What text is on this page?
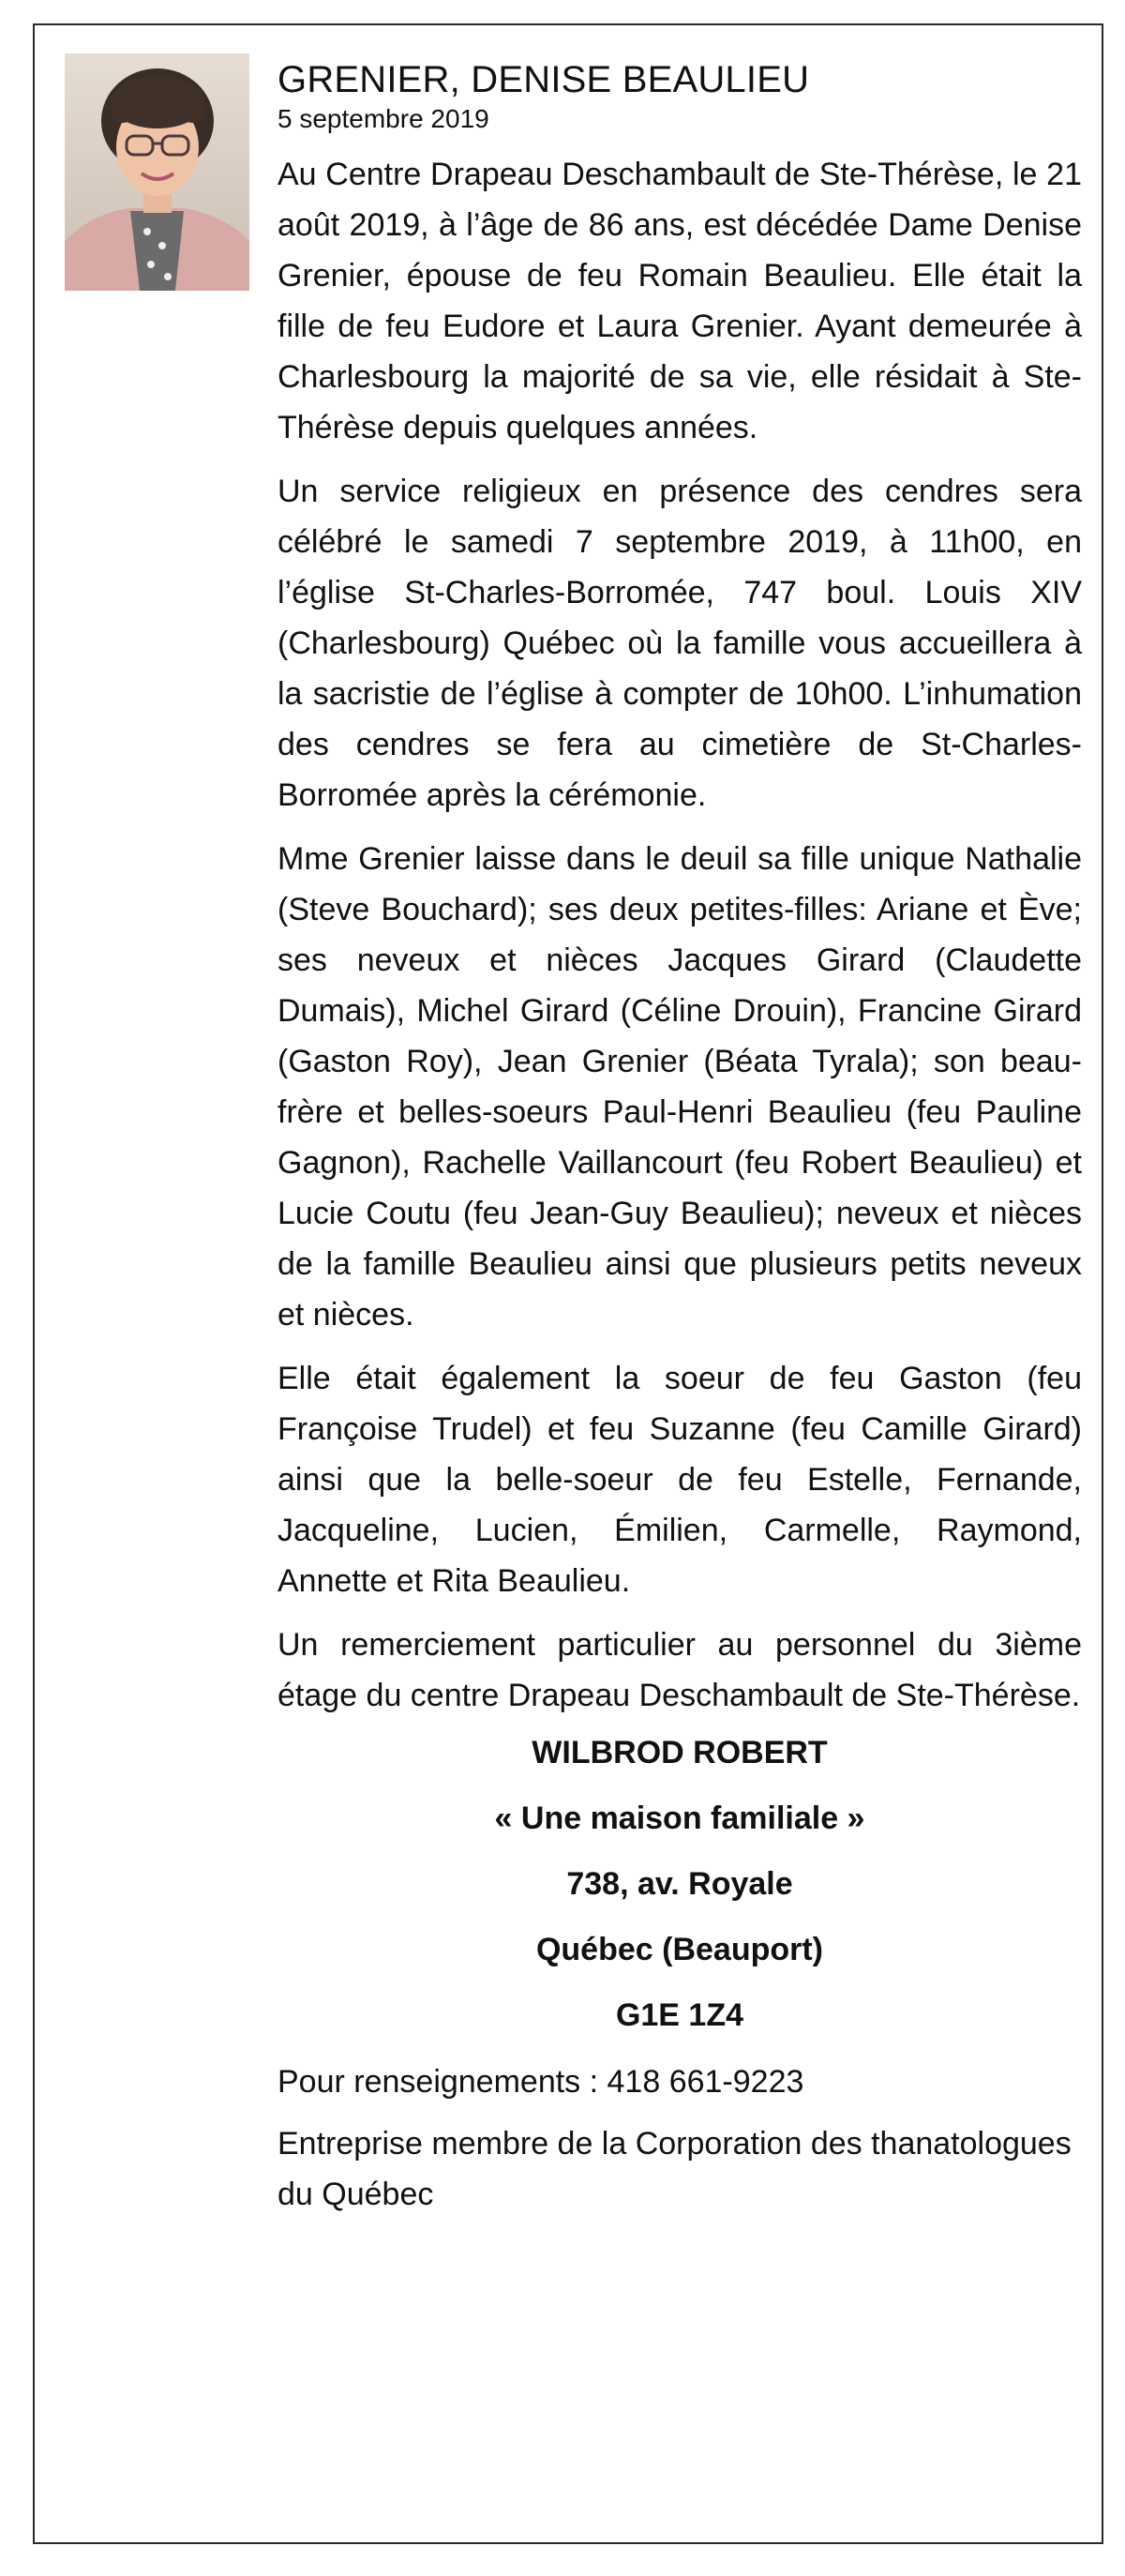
GRENIER, DENISE BEAULIEU

5 septembre 2019

Au Centre Drapeau Deschambault de Ste-Thérèse, le 21 août 2019, à l’âge de 86 ans, est décédée Dame Denise Grenier, épouse de feu Romain Beaulieu. Elle était la fille de feu Eudore et Laura Grenier. Ayant demeurée à Charlesbourg la majorité de sa vie, elle résidait à Ste-Thérèse depuis quelques années.

Un service religieux en présence des cendres sera célébré le samedi 7 septembre 2019, à 11h00, en l’église St-Charles-Borromée, 747 boul. Louis XIV (Charlesbourg) Québec où la famille vous accueillera à la sacristie de l’église à compter de 10h00. L’inhumation des cendres se fera au cimetière de St-Charles-Borromée après la cérémonie.

Mme Grenier laisse dans le deuil sa fille unique Nathalie (Steve Bouchard); ses deux petites-filles: Ariane et Ève; ses neveux et nièces Jacques Girard (Claudette Dumais), Michel Girard (Céline Drouin), Francine Girard (Gaston Roy), Jean Grenier (Béata Tyrala); son beau-frère et belles-soeurs Paul-Henri Beaulieu (feu Pauline Gagnon), Rachelle Vaillancourt (feu Robert Beaulieu) et Lucie Coutu (feu Jean-Guy Beaulieu); neveux et nièces de la famille Beaulieu ainsi que plusieurs petits neveux et nièces.

Elle était également la soeur de feu Gaston (feu Françoise Trudel) et feu Suzanne (feu Camille Girard) ainsi que la belle-soeur de feu Estelle, Fernande, Jacqueline, Lucien, Émilien, Carmelle, Raymond, Annette et Rita Beaulieu.

Un remerciement particulier au personnel du 3ième étage du centre Drapeau Deschambault de Ste-Thérèse.

WILBROD ROBERT
« Une maison familiale »
738, av. Royale
Québec (Beauport)
G1E 1Z4

Pour renseignements : 418 661-9223

Entreprise membre de la Corporation des thanatologues du Québec
